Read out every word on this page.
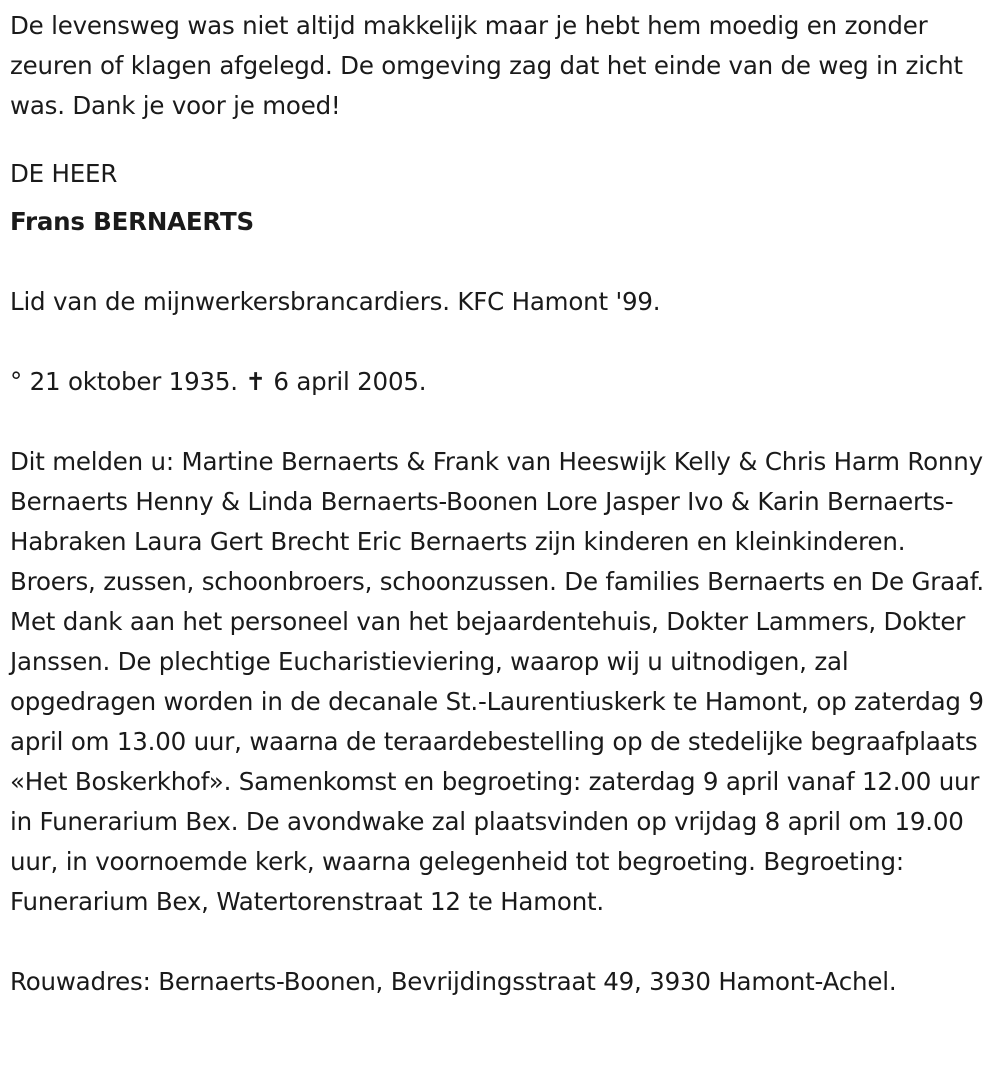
De levensweg was niet altijd makkelijk maar je hebt hem moedig en zonder zeuren of klagen afgelegd. De omgeving zag dat het einde van de weg in zicht was. Dank je voor je moed!

DE HEER

Frans BERNAERTS

Lid van de mijnwerkersbrancardiers. KFC Hamont '99.

° 21 oktober 1935. ✝ 6 april 2005.

Dit melden u: Martine Bernaerts & Frank van Heeswijk Kelly & Chris Harm Ronny Bernaerts Henny & Linda Bernaerts-Boonen Lore Jasper Ivo & Karin Bernaerts-Habraken Laura Gert Brecht Eric Bernaerts zijn kinderen en kleinkinderen. Broers, zussen, schoonbroers, schoonzussen. De families Bernaerts en De Graaf. Met dank aan het personeel van het bejaardentehuis, Dokter Lammers, Dokter Janssen. De plechtige Eucharistieviering, waarop wij u uitnodigen, zal opgedragen worden in de decanale St.-Laurentiuskerk te Hamont, op zaterdag 9 april om 13.00 uur, waarna de teraardebestelling op de stedelijke begraafplaats «Het Boskerkhof». Samenkomst en begroeting: zaterdag 9 april vanaf 12.00 uur in Funerarium Bex. De avondwake zal plaatsvinden op vrijdag 8 april om 19.00 uur, in voornoemde kerk, waarna gelegenheid tot begroeting. Begroeting: Funerarium Bex, Watertorenstraat 12 te Hamont.

Rouwadres: Bernaerts-Boonen, Bevrijdingsstraat 49, 3930 Hamont-Achel.
